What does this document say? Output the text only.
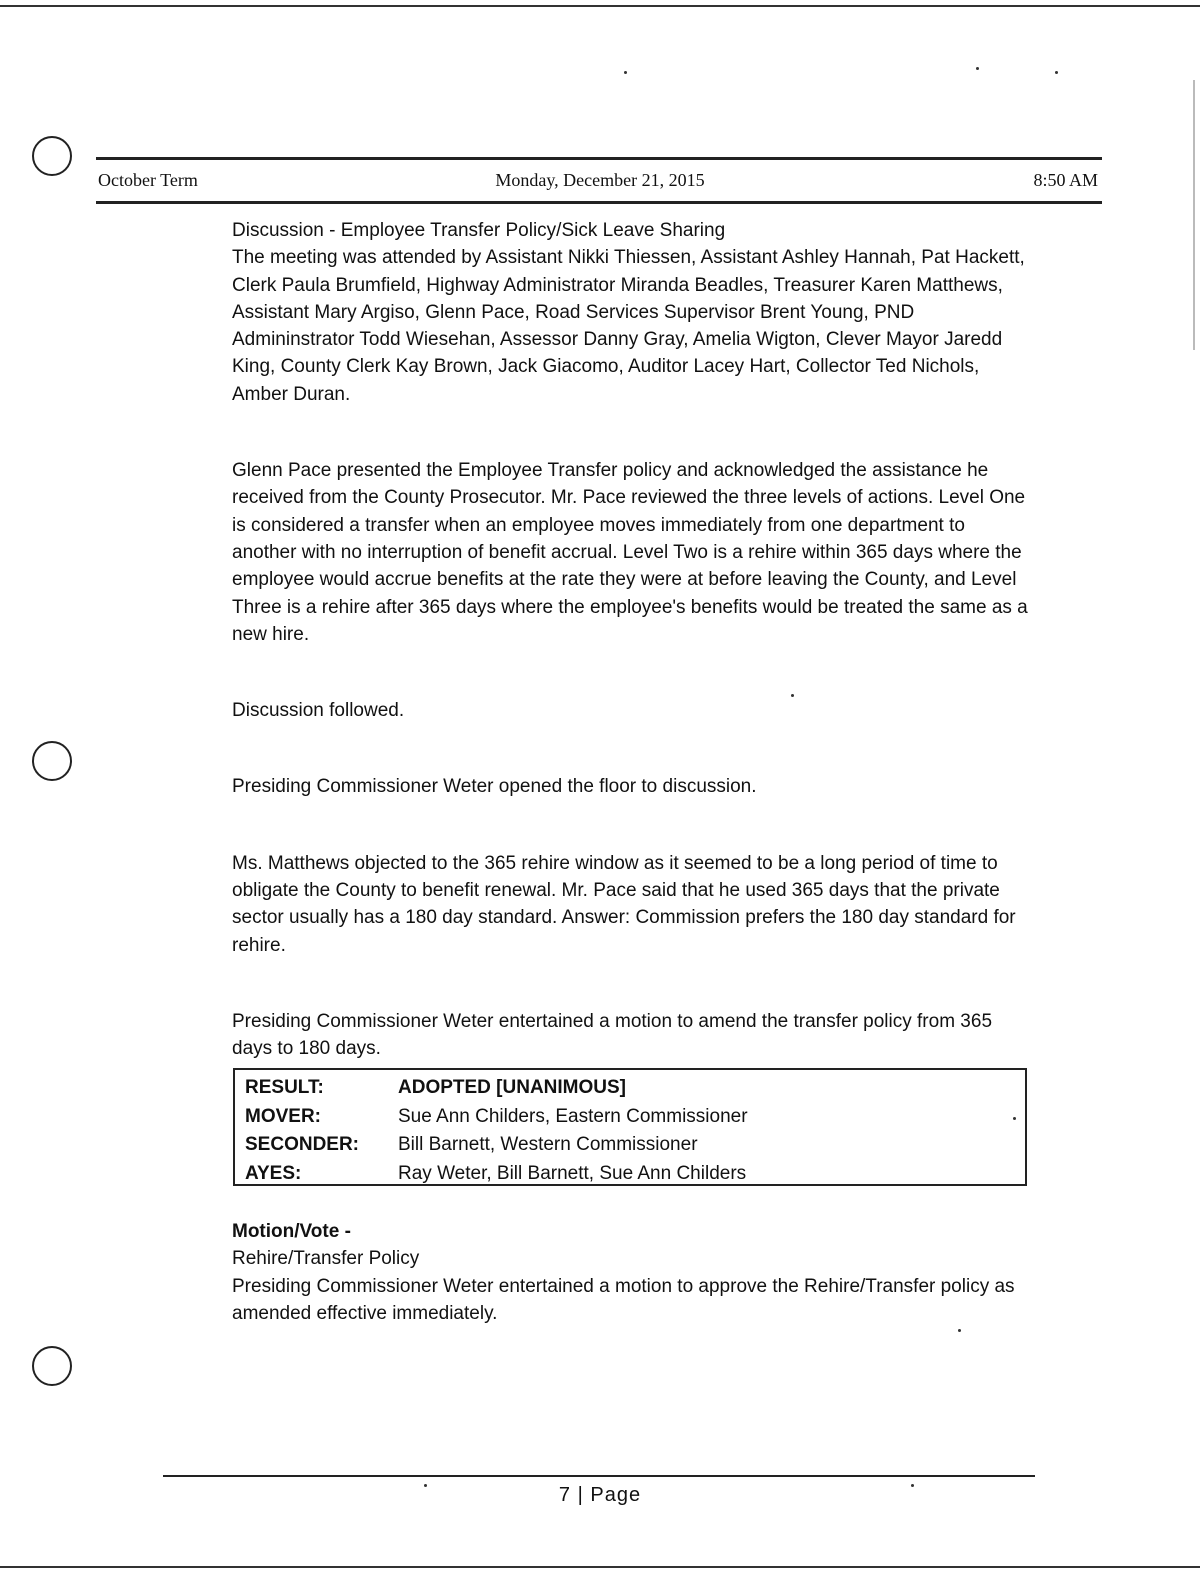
October Term	Monday, December 21, 2015	8:50 AM

Discussion - Employee Transfer Policy/Sick Leave Sharing

The meeting was attended by Assistant Nikki Thiessen, Assistant Ashley Hannah, Pat Hackett, Clerk Paula Brumfield, Highway Administrator Miranda Beadles, Treasurer Karen Matthews, Assistant Mary Argiso, Glenn Pace, Road Services Supervisor Brent Young, PND Admininstrator Todd Wiesehan, Assessor Danny Gray, Amelia Wigton, Clever Mayor Jaredd King, County Clerk Kay Brown, Jack Giacomo, Auditor Lacey Hart, Collector Ted Nichols, Amber Duran.

Glenn Pace presented the Employee Transfer policy and acknowledged the assistance he received from the County Prosecutor. Mr. Pace reviewed the three levels of actions. Level One is considered a transfer when an employee moves immediately from one department to another with no interruption of benefit accrual. Level Two is a rehire within 365 days where the employee would accrue benefits at the rate they were at before leaving the County, and Level Three is a rehire after 365 days where the employee's benefits would be treated the same as a new hire.

Discussion followed.

Presiding Commissioner Weter opened the floor to discussion.

Ms. Matthews objected to the 365 rehire window as it seemed to be a long period of time to obligate the County to benefit renewal. Mr. Pace said that he used 365 days that the private sector usually has a 180 day standard. Answer: Commission prefers the 180 day standard for rehire.

Presiding Commissioner Weter entertained a motion to amend the transfer policy from 365 days to 180 days.

RESULT:	ADOPTED [UNANIMOUS]
MOVER:	Sue Ann Childers, Eastern Commissioner
SECONDER:	Bill Barnett, Western Commissioner
AYES:	Ray Weter, Bill Barnett, Sue Ann Childers

Motion/Vote -

Rehire/Transfer Policy

Presiding Commissioner Weter entertained a motion to approve the Rehire/Transfer policy as amended effective immediately.

7 | Page
